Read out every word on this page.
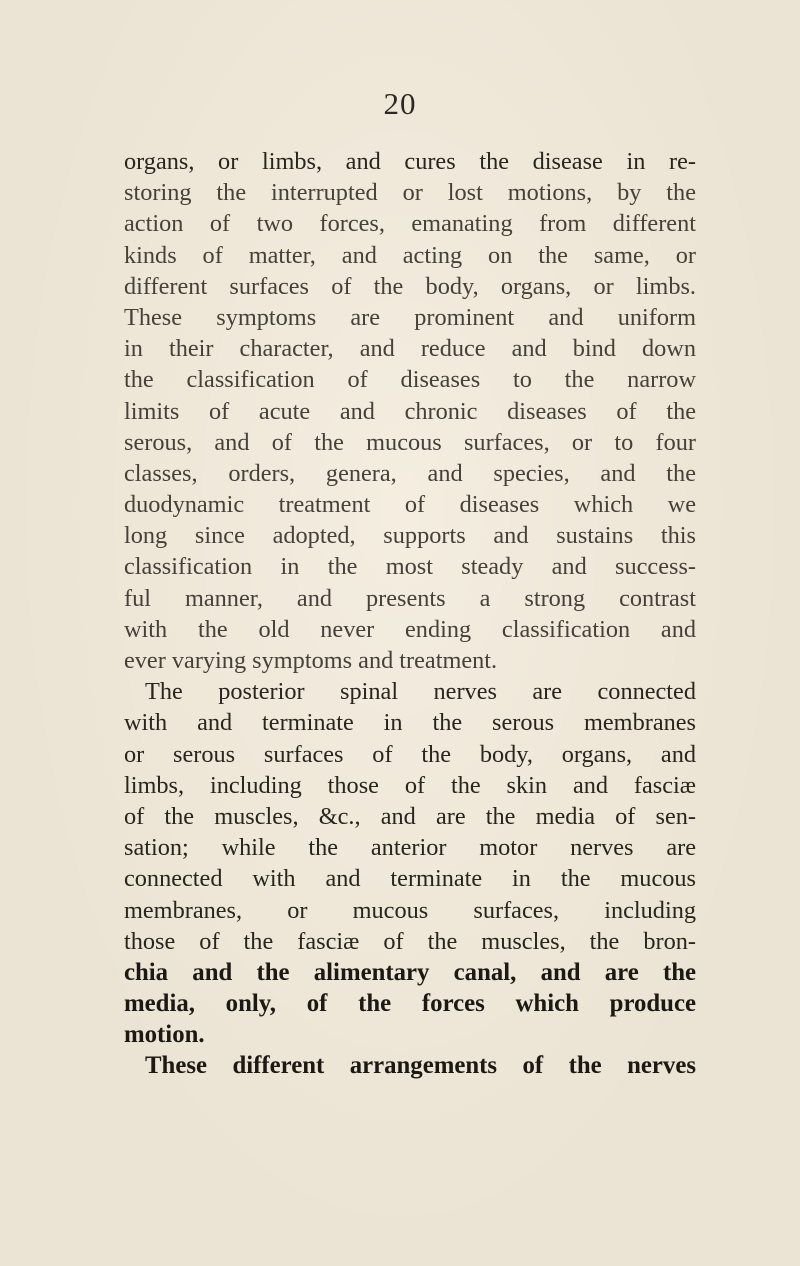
20
organs, or limbs, and cures the disease in re-
storing the interrupted or lost motions, by the
action of two forces, emanating from different
kinds of matter, and acting on the same, or
different surfaces of the body, organs, or limbs.
These symptoms are prominent and uniform
in their character, and reduce and bind down
the classification of diseases to the narrow
limits of acute and chronic diseases of the
serous, and of the mucous surfaces, or to four
classes, orders, genera, and species, and the
duodynamic treatment of diseases which we
long since adopted, supports and sustains this
classification in the most steady and success-
ful manner, and presents a strong contrast
with the old never ending classification and
ever varying symptoms and treatment.
The posterior spinal nerves are connected
with and terminate in the serous membranes
or serous surfaces of the body, organs, and
limbs, including those of the skin and fasciæ
of the muscles, &c., and are the media of sen-
sation; while the anterior motor nerves are
connected with and terminate in the mucous
membranes, or mucous surfaces, including
those of the fasciæ of the muscles, the bron-
chia and the alimentary canal, and are the
media, only, of the forces which produce
motion.
These different arrangements of the nerves
